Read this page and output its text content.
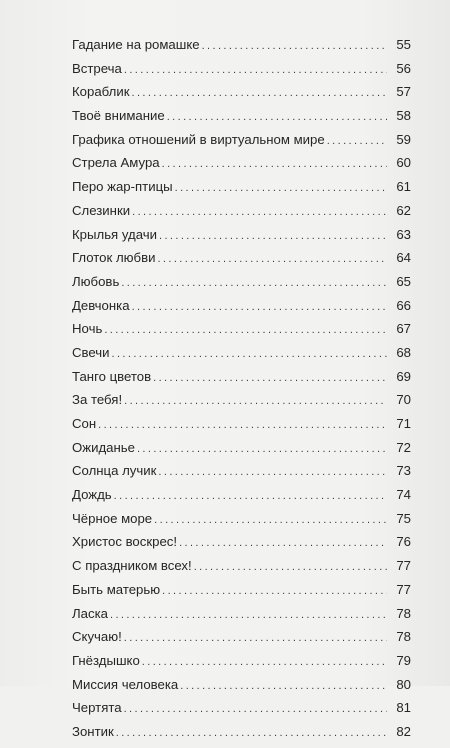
Гадание на ромашке .....	55
Встреча .....	56
Кораблик .....	57
Твоё внимание .....	58
Графика отношений в виртуальном мире .....	59
Стрела Амура .....	60
Перо жар-птицы .....	61
Слезинки .....	62
Крылья удачи .....	63
Глоток любви .....	64
Любовь .....	65
Девчонка .....	66
Ночь .....	67
Свечи .....	68
Танго цветов .....	69
За тебя! .....	70
Сон .....	71
Ожиданье .....	72
Солнца лучик .....	73
Дождь .....	74
Чёрное море .....	75
Христос воскрес! .....	76
С праздником всех! .....	77
Быть матерью .....	77
Ласка .....	78
Скучаю! .....	78
Гнёздышко .....	79
Миссия человека .....	80
Чертята .....	81
Зонтик .....	82
